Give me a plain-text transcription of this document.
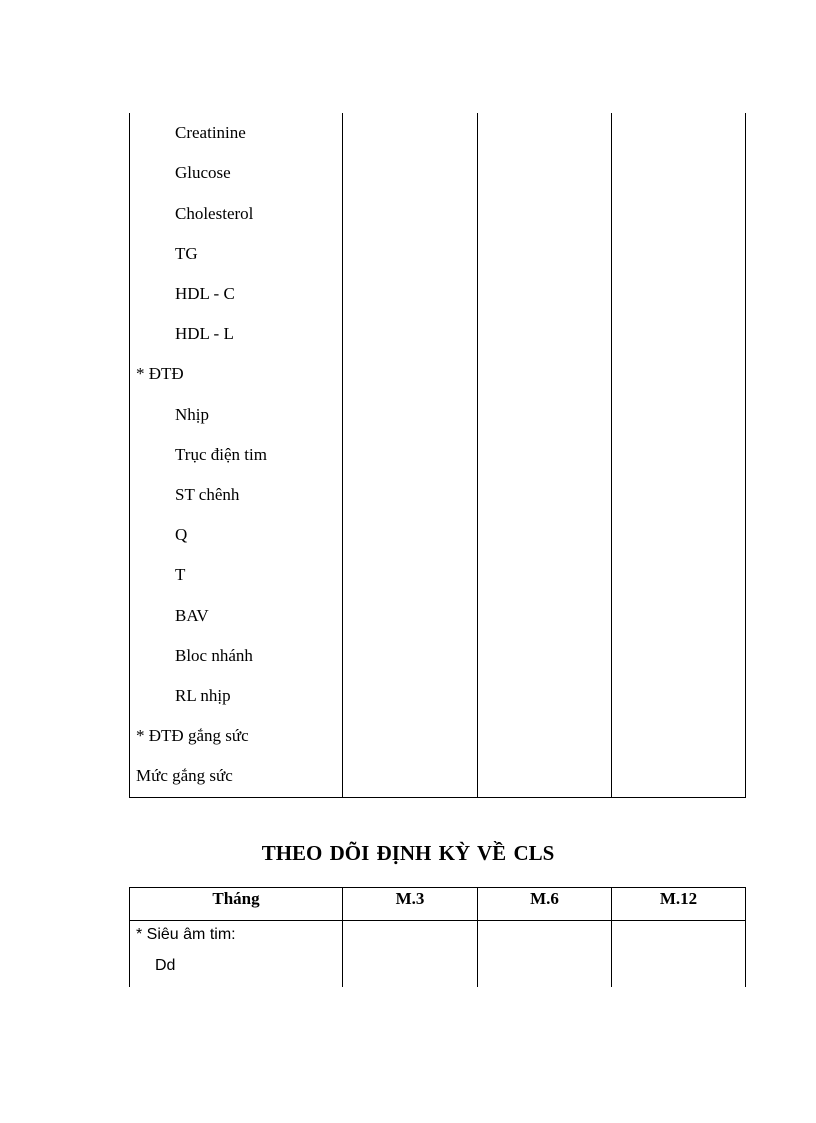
Creatinine
Glucose
Cholesterol
TG
HDL - C
HDL - L
* ĐTĐ
Nhịp
Trục điện tim
ST chênh
Q
T
BAV
Bloc nhánh
RL nhịp
* ĐTĐ gắng sức
Mức gắng sức
THEO DÕI ĐỊNH KỲ VỀ CLS
Tháng	M.3	M.6	M.12
* Siêu âm tim:
Dd
